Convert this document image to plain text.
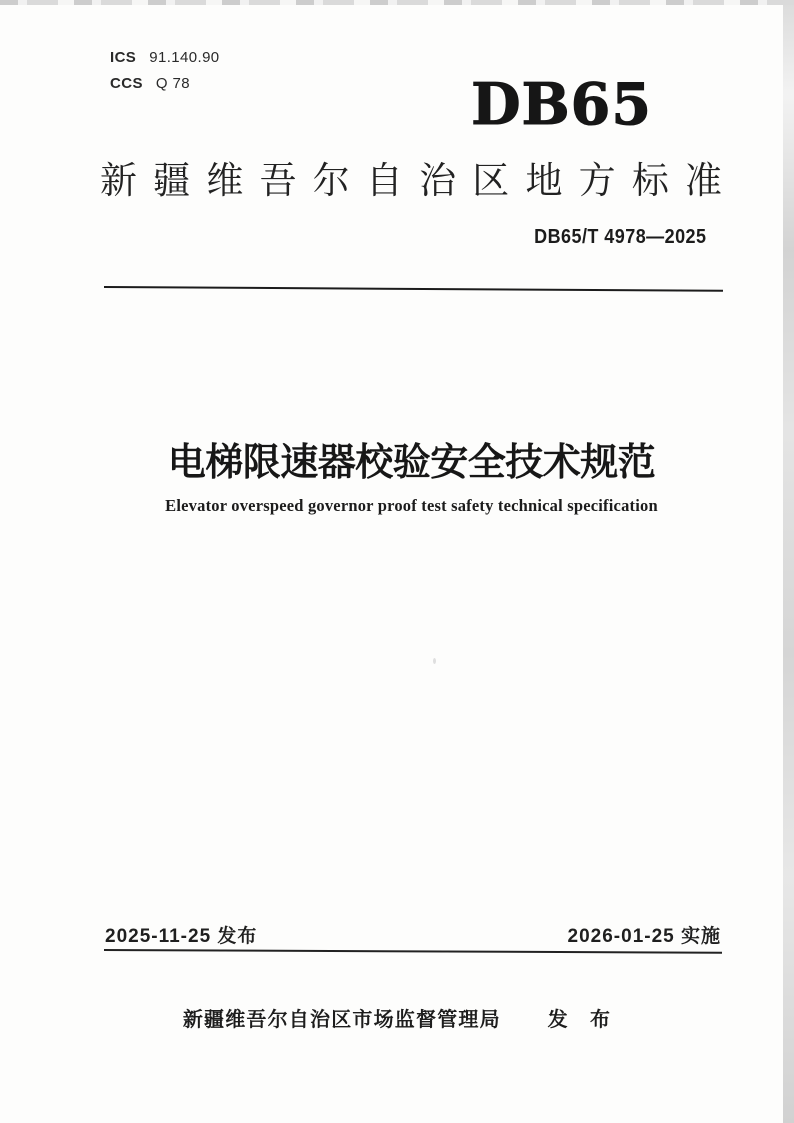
ICS 91.140.90
CCS Q 78	DB65
新疆维吾尔自治区地方标准
DB65/T 4978—2025
电梯限速器校验安全技术规范
Elevator overspeed governor proof test safety technical specification
2025-11-25 发布	2026-01-25 实施
新疆维吾尔自治区市场监督管理局 发　布
